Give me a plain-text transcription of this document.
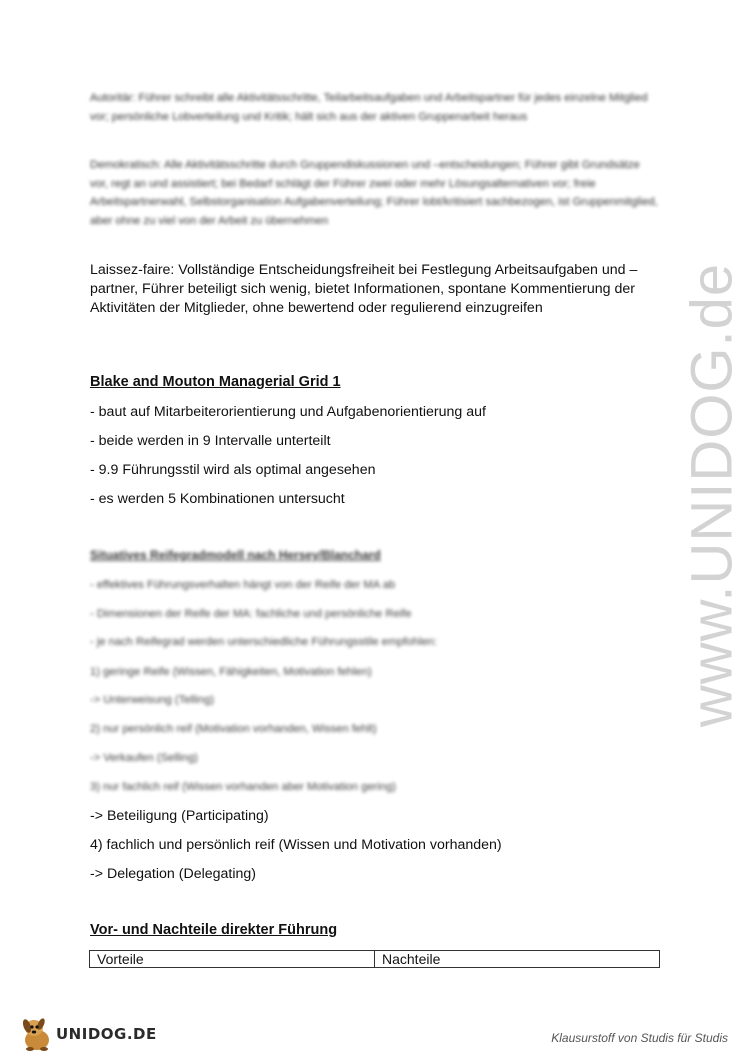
www.UNIDOG.de
Autoritär: Führer schreibt alle Aktivitätsschritte, Teilarbeitsaufgaben und Arbeitspartner für jedes einzelne Mitglied vor; persönliche Lobverteilung und Kritik; hält sich aus der aktiven Gruppenarbeit heraus
Demokratisch: Alle Aktivitätsschritte durch Gruppendiskussionen und –entscheidungen; Führer gibt Grundsätze vor, regt an und assistiert; bei Bedarf schlägt der Führer zwei oder mehr Lösungsalternativen vor; freie Arbeitspartnerwahl, Selbstorganisation Aufgabenverteilung; Führer lobt/kritisiert sachbezogen, ist Gruppenmitglied, aber ohne zu viel von der Arbeit zu übernehmen
Laissez-faire: Vollständige Entscheidungsfreiheit bei Festlegung Arbeitsaufgaben und –partner, Führer beteiligt sich wenig, bietet Informationen, spontane Kommentierung der Aktivitäten der Mitglieder, ohne bewertend oder regulierend einzugreifen
Blake and Mouton Managerial Grid 1
- baut auf Mitarbeiterorientierung und Aufgabenorientierung auf
- beide werden in 9 Intervalle unterteilt
- 9.9 Führungsstil wird als optimal angesehen
- es werden 5 Kombinationen untersucht
Situatives Reifegradmodell nach Hersey/Blanchard
- effektives Führungsverhalten hängt von der Reife der MA ab
- Dimensionen der Reife der MA: fachliche und persönliche Reife
- je nach Reifegrad werden unterschiedliche Führungsstile empfohlen:
1) geringe Reife (Wissen, Fähigkeiten, Motivation fehlen)
-> Unterweisung (Telling)
2) nur persönlich reif (Motivation vorhanden, Wissen fehlt)
-> Verkaufen (Selling)
3) nur fachlich reif (Wissen vorhanden aber Motivation gering)
-> Beteiligung (Participating)
4) fachlich und persönlich reif (Wissen und Motivation vorhanden)
-> Delegation (Delegating)
Vor- und Nachteile direkter Führung
Vorteile	Nachteile
UNIDOG.DE	Klausurstoff von Studis für Studis
